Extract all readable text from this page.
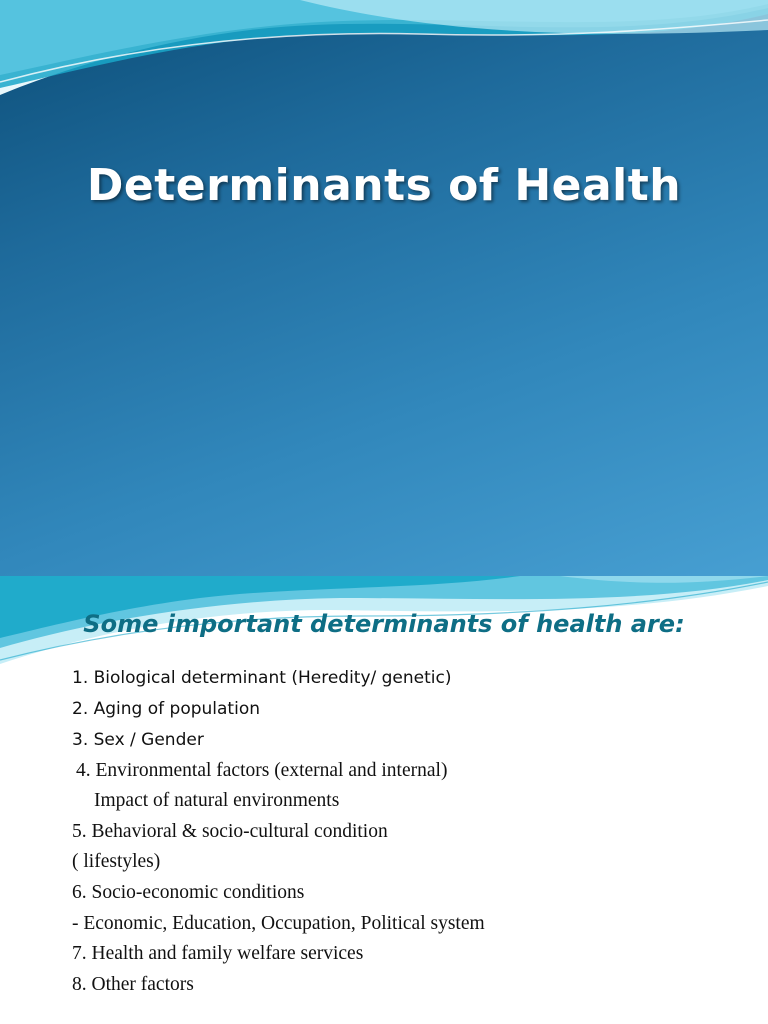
Determinants of Health
Some important determinants of health are:
1. Biological determinant (Heredity/ genetic)
2. Aging of population
3. Sex / Gender
4. Environmental factors (external and internal)
Impact of natural environments
5. Behavioral & socio-cultural condition
( lifestyles)
6. Socio-economic conditions
- Economic, Education, Occupation, Political system
7. Health and family welfare services
8. Other factors
